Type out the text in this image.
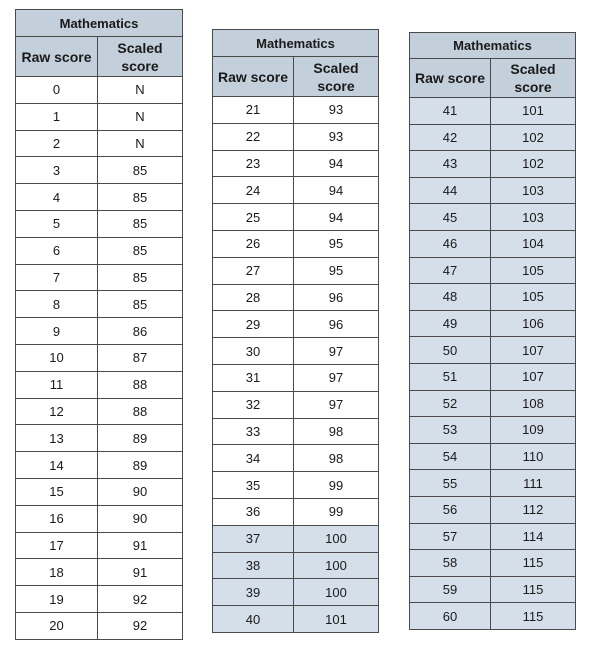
Mathematics	
Raw score	Scaled score
0	N
1	N
2	N
3	85
4	85
5	85
6	85
7	85
8	85
9	86
10	87
11	88
12	88
13	89
14	89
15	90
16	90
17	91
18	91
19	92
20	92
Mathematics	
Raw score	Scaled score
21	93
22	93
23	94
24	94
25	94
26	95
27	95
28	96
29	96
30	97
31	97
32	97
33	98
34	98
35	99
36	99
37	100
38	100
39	100
40	101
Mathematics	
Raw score	Scaled score
41	101
42	102
43	102
44	103
45	103
46	104
47	105
48	105
49	106
50	107
51	107
52	108
53	109
54	110
55	111
56	112
57	114
58	115
59	115
60	115
